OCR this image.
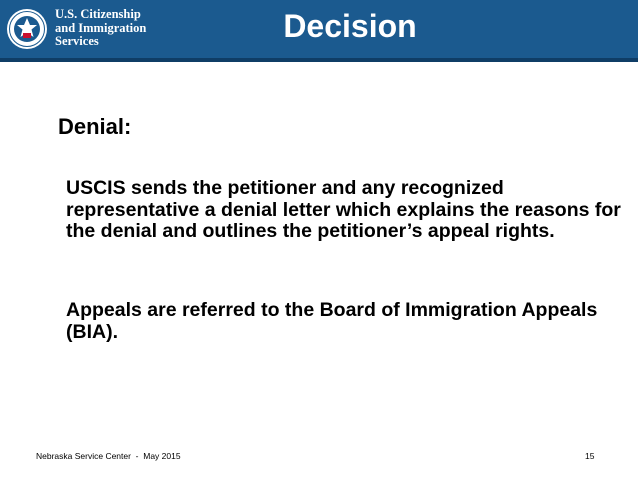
U.S. Citizenship
and Immigration
Services	Decision
Denial:
USCIS sends the petitioner and any recognized representative a denial letter which explains the reasons for the denial and outlines the petitioner’s appeal rights.
Appeals are referred to the Board of Immigration Appeals (BIA).
Nebraska Service Center  -  May 2015	15
